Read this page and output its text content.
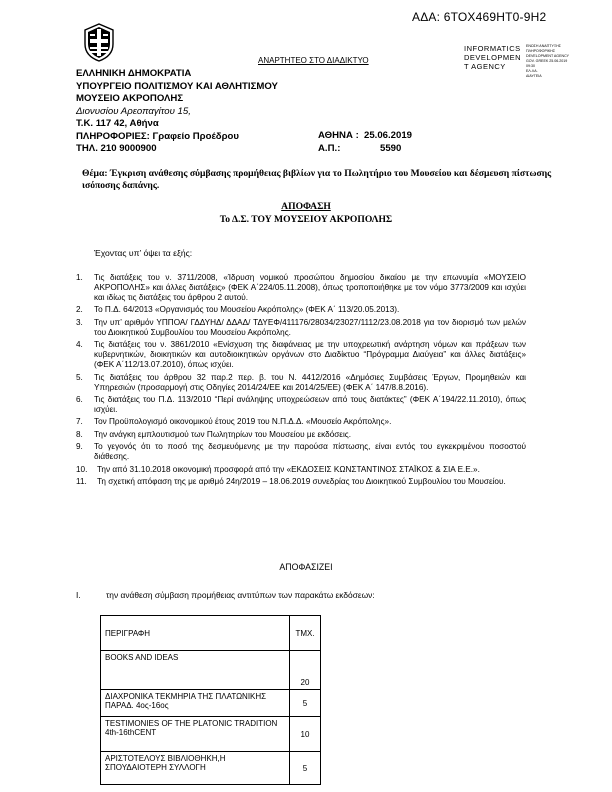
ΑΔΑ: 6ΤΟΧ469ΗΤ0-9Η2
ΑΝΑΡΤΗΤΕΟ ΣΤΟ ΔΙΑΔΙΚΤΥΟ
INFORMATICS
DEVELOPMEN
T AGENCY
ΕΝΩΣΗ ΑΝΑΠΤΥΞΗΣ
ΠΛΗΡΟΦΟΡΙΚΗΣ
DEVELOPMENT AGENCY
GOV. GREEK 25.06.2019
09:30
ΕΛ.ΛΑ.
ΔΙΑΥΓΕΙΑ
ΕΛΛΗΝΙΚΗ ΔΗΜΟΚΡΑΤΙΑ
ΥΠΟΥΡΓΕΙΟ ΠΟΛΙΤΙΣΜΟΥ ΚΑΙ ΑΘΛΗΤΙΣΜΟΥ
ΜΟΥΣΕΙΟ ΑΚΡΟΠΟΛΗΣ
Διονυσίου Αρεοπαγίτου 15,
Τ.Κ. 117 42, Αθήνα
ΠΛΗΡΟΦΟΡΙΕΣ: Γραφείο Προέδρου
ΤΗΛ. 210 9000900
ΑΘΗΝΑ : 25.06.2019
Α.Π.:	5590
Θέμα: Έγκριση ανάθεσης σύμβασης προμήθειας βιβλίων για το Πωλητήριο του Μουσείου και δέσμευση πίστωσης ισόποσης δαπάνης.
ΑΠΟΦΑΣΗ
Το Δ.Σ. ΤΟΥ ΜΟΥΣΕΙΟΥ ΑΚΡΟΠΟΛΗΣ
Έχοντας υπ’ όψει τα εξής:
1. Τις διατάξεις του ν. 3711/2008, «Ίδρυση νομικού προσώπου δημοσίου δικαίου με την επωνυμία «ΜΟΥΣΕΙΟ ΑΚΡΟΠΟΛΗΣ» και άλλες διατάξεις» (ΦΕΚ Α΄224/05.11.2008), όπως τροποποιήθηκε με τον νόμο 3773/2009 και ισχύει και ιδίως τις διατάξεις του άρθρου 2 αυτού.
2. Το Π.Δ. 64/2013 «Οργανισμός του Μουσείου Ακρόπολης» (ΦΕΚ Α΄ 113/20.05.2013).
3. Την υπ’ αριθμόν ΥΠΠΟΑ/ ΓΔΔΥΗΔ/ ΔΔΑΔ/ ΤΔΥΕΦ/411176/28034/23027/1112/23.08.2018 για τον διορισμό των μελών του Διοικητικού Συμβουλίου του Μουσείου Ακρόπολης.
4. Τις διατάξεις του ν. 3861/2010 «Ενίσχυση της διαφάνειας με την υποχρεωτική ανάρτηση νόμων και πράξεων των κυβερνητικών, διοικητικών και αυτοδιοικητικών οργάνων στο Διαδίκτυο “Πρόγραμμα Διαύγεια” και άλλες διατάξεις» (ΦΕΚ Α΄112/13.07.2010), όπως ισχύει.
5. Τις διατάξεις του άρθρου 32 παρ.2 περ. β. του Ν. 4412/2016 «Δημόσιες Συμβάσεις Έργων, Προμηθειών και Υπηρεσιών (προσαρμογή στις Οδηγίες 2014/24/ΕΕ και 2014/25/ΕΕ) (ΦΕΚ Α΄ 147/8.8.2016).
6. Τις διατάξεις του Π.Δ. 113/2010 “Περί ανάληψης υποχρεώσεων από τους διατάκτες” (ΦΕΚ Α΄194/22.11.2010), όπως ισχύει.
7. Τον Προϋπολογισμό οικονομικού έτους 2019 του Ν.Π.Δ.Δ. «Μουσείο Ακρόπολης».
8. Την ανάγκη εμπλουτισμού των Πωλητηρίων του Μουσείου με εκδόσεις.
9. Το γεγονός ότι το ποσό της δεσμευόμενης με την παρούσα πίστωσης, είναι εντός του εγκεκριμένου ποσοστού διάθεσης.
10. Την από 31.10.2018 οικονομική προσφορά από την «ΕΚΔΟΣΕΙΣ ΚΩΝΣΤΑΝΤΙΝΟΣ ΣΤΑΪΚΟΣ & ΣΙΑ Ε.Ε.».
11. Τη σχετική απόφαση της με αριθμό 24η/2019 – 18.06.2019 συνεδρίας του Διοικητικού Συμβουλίου του Μουσείου.
ΑΠΟΦΑΣΙΖΕΙ
Ι.	την ανάθεση σύμβαση προμήθειας αντιτύπων των παρακάτω εκδόσεων:
ΠΕΡΙΓΡΑΦΗ	ΤΜΧ.
BOOKS AND IDEAS	20
ΔΙΑΧΡΟΝΙΚΑ ΤΕΚΜΗΡΙΑ ΤΗΣ ΠΛΑΤΩΝΙΚΗΣ ΠΑΡΑΔ. 4ος-16ος	5
TESTIMONIES OF THE PLATONIC TRADITION 4th-16thCENT	10
ΑΡΙΣΤΟΤΕΛΟΥΣ ΒΙΒΛΙΟΘΗΚΗ,Η ΣΠΟΥΔΑΙΟΤΕΡΗ ΣΥΛΛΟΓΗ	5
